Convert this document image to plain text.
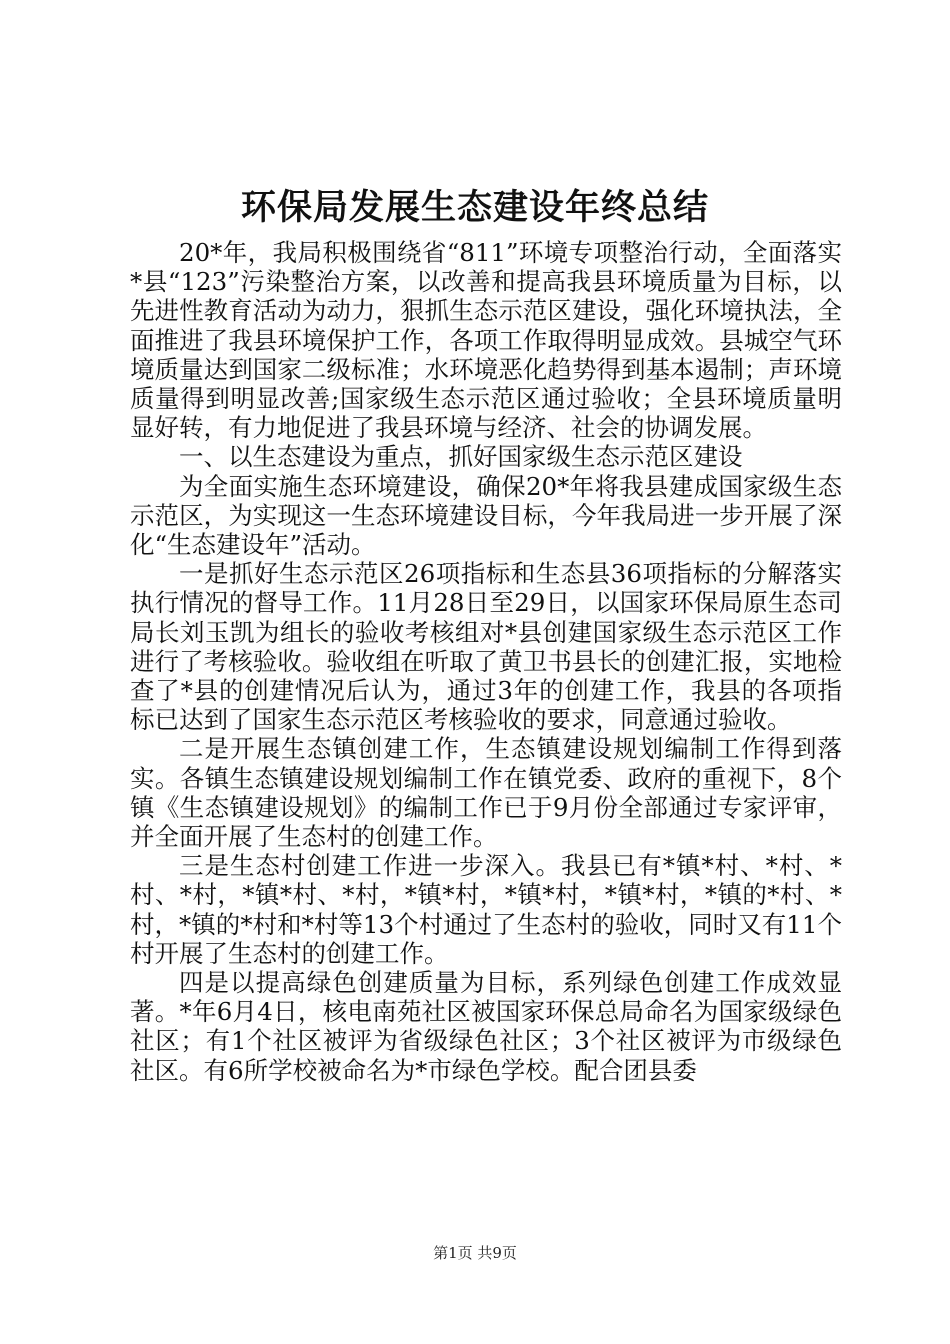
环保局发展生态建设年终总结

20*年，我局积极围绕省“811”环境专项整治行动，全面落实*县“123”污染整治方案，以改善和提高我县环境质量为目标，以先进性教育活动为动力，狠抓生态示范区建设，强化环境执法，全面推进了我县环境保护工作，各项工作取得明显成效。县城空气环境质量达到国家二级标准；水环境恶化趋势得到基本遏制；声环境质量得到明显改善;国家级生态示范区通过验收；全县环境质量明显好转，有力地促进了我县环境与经济、社会的协调发展。

一、以生态建设为重点，抓好国家级生态示范区建设

为全面实施生态环境建设，确保20*年将我县建成国家级生态示范区，为实现这一生态环境建设目标，今年我局进一步开展了深化“生态建设年”活动。

一是抓好生态示范区26项指标和生态县36项指标的分解落实执行情况的督导工作。11月28日至29日，以国家环保局原生态司局长刘玉凯为组长的验收考核组对*县创建国家级生态示范区工作进行了考核验收。验收组在听取了黄卫书县长的创建汇报，实地检查了*县的创建情况后认为，通过3年的创建工作，我县的各项指标已达到了国家生态示范区考核验收的要求，同意通过验收。

二是开展生态镇创建工作，生态镇建设规划编制工作得到落实。各镇生态镇建设规划编制工作在镇党委、政府的重视下，8个镇《生态镇建设规划》的编制工作已于9月份全部通过专家评审，并全面开展了生态村的创建工作。

三是生态村创建工作进一步深入。我县已有*镇*村、*村、*村、*村，*镇*村、*村，*镇*村，*镇*村，*镇*村，*镇的*村、*村，*镇的*村和*村等13个村通过了生态村的验收，同时又有11个村开展了生态村的创建工作。

四是以提高绿色创建质量为目标，系列绿色创建工作成效显著。*年6月4日，核电南苑社区被国家环保总局命名为国家级绿色社区；有1个社区被评为省级绿色社区；3个社区被评为市级绿色社区。有6所学校被命名为*市绿色学校。配合团县委

第1页 共9页
